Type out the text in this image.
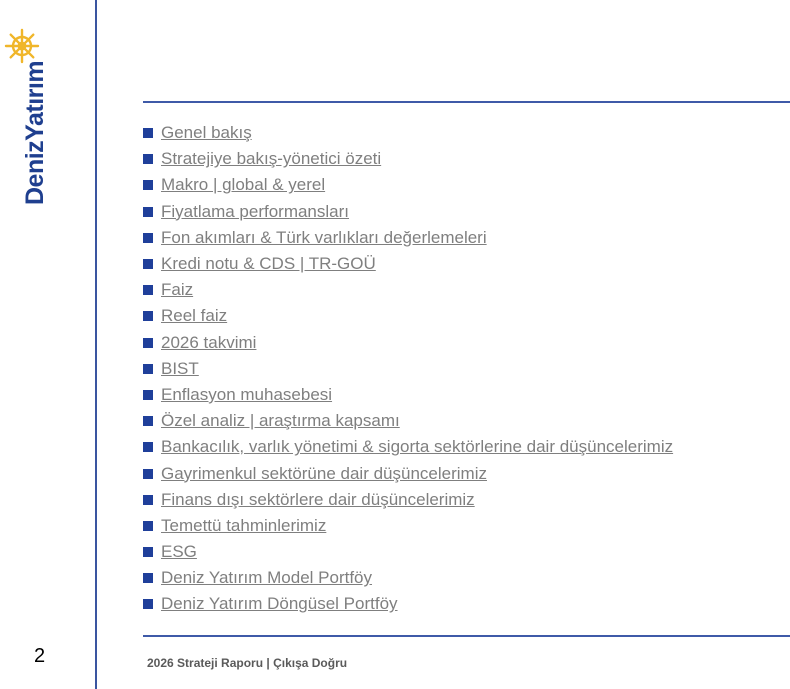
DenizYatırım
2
Genel bakış
Stratejiye bakış-yönetici özeti
Makro | global & yerel
Fiyatlama performansları
Fon akımları & Türk varlıkları değerlemeleri
Kredi notu & CDS | TR-GOÜ
Faiz
Reel faiz
2026 takvimi
BIST
Enflasyon muhasebesi
Özel analiz | araştırma kapsamı
Bankacılık, varlık yönetimi & sigorta sektörlerine dair düşüncelerimiz
Gayrimenkul sektörüne dair düşüncelerimiz
Finans dışı sektörlere dair düşüncelerimiz
Temettü tahminlerimiz
ESG
Deniz Yatırım Model Portföy
Deniz Yatırım Döngüsel Portföy
2026 Strateji Raporu | Çıkışa Doğru
